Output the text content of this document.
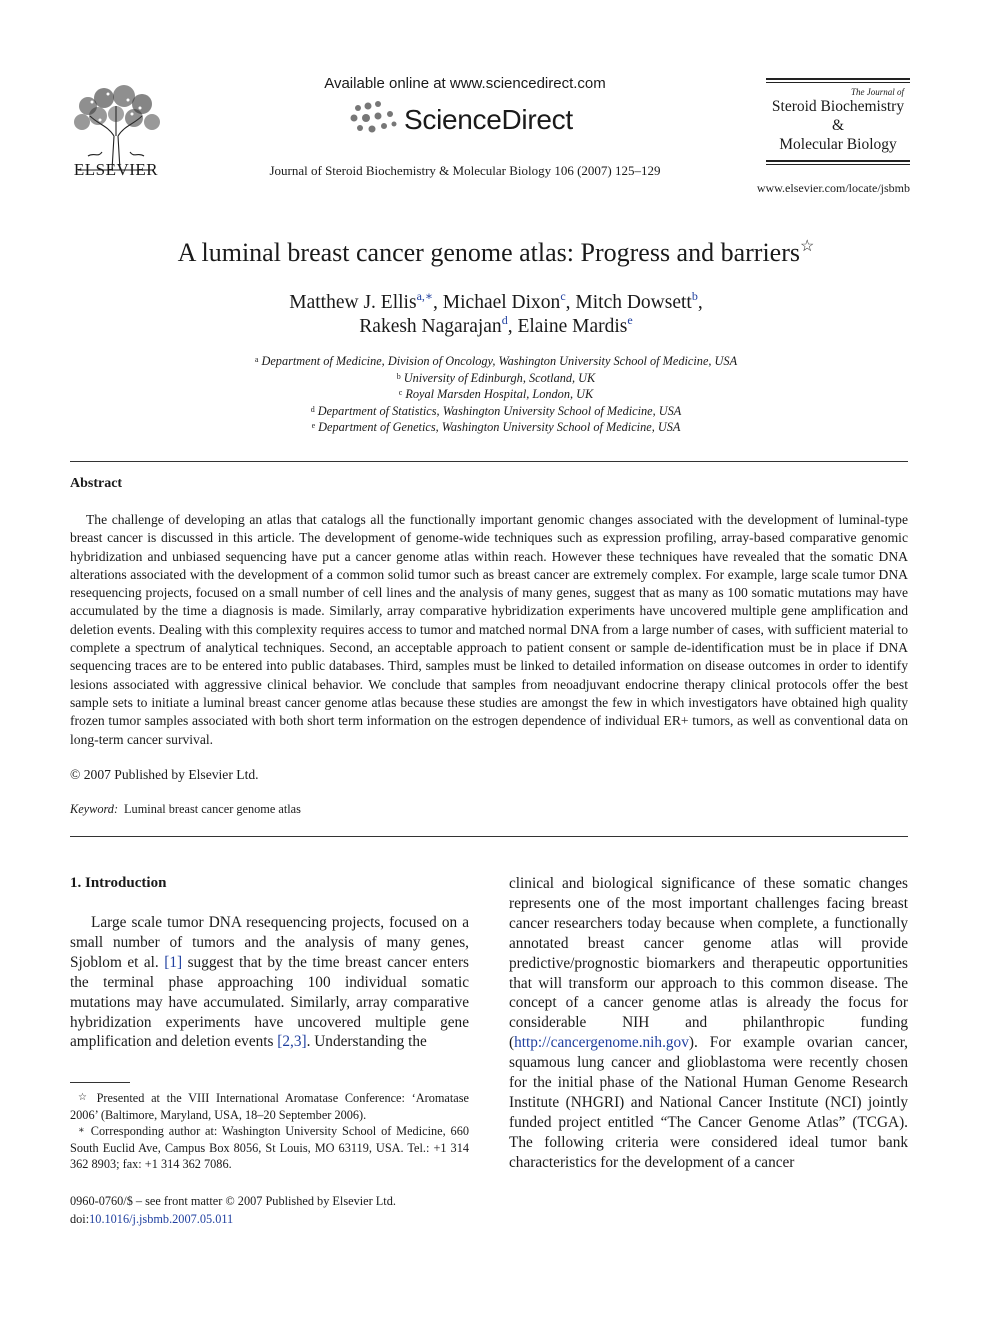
ELSEVIER
Available online at www.sciencedirect.com
ScienceDirect
Journal of Steroid Biochemistry & Molecular Biology 106 (2007) 125–129
The Journal of
Steroid Biochemistry
&
Molecular Biology
www.elsevier.com/locate/jsbmb
A luminal breast cancer genome atlas: Progress and barriers☆
Matthew J. Ellis$^{a,∗}$, Michael Dixon$^c$, Mitch Dowsett$^b$,
Rakesh Nagarajan$^d$, Elaine Mardis$^e$
$^a$ Department of Medicine, Division of Oncology, Washington University School of Medicine, USA
$^b$ University of Edinburgh, Scotland, UK
$^c$ Royal Marsden Hospital, London, UK
$^d$ Department of Statistics, Washington University School of Medicine, USA
$^e$ Department of Genetics, Washington University School of Medicine, USA
Abstract

The challenge of developing an atlas that catalogs all the functionally important genomic changes associated with the development of luminal-type breast cancer is discussed in this article. The development of genome-wide techniques such as expression profiling, array-based comparative genomic hybridization and unbiased sequencing have put a cancer genome atlas within reach. However these techniques have revealed that the somatic DNA alterations associated with the development of a common solid tumor such as breast cancer are extremely complex. For example, large scale tumor DNA resequencing projects, focused on a small number of cell lines and the analysis of many genes, suggest that as many as 100 somatic mutations may have accumulated by the time a diagnosis is made. Similarly, array comparative hybridization experiments have uncovered multiple gene amplification and deletion events. Dealing with this complexity requires access to tumor and matched normal DNA from a large number of cases, with sufficient material to complete a spectrum of analytical techniques. Second, an acceptable approach to patient consent or sample de-identification must be in place if DNA sequencing traces are to be entered into public databases. Third, samples must be linked to detailed information on disease outcomes in order to identify lesions associated with aggressive clinical behavior. We conclude that samples from neoadjuvant endocrine therapy clinical protocols offer the best sample sets to initiate a luminal breast cancer genome atlas because these studies are amongst the few in which investigators have obtained high quality frozen tumor samples associated with both short term information on the estrogen dependence of individual ER+ tumors, as well as conventional data on long-term cancer survival.

© 2007 Published by Elsevier Ltd.
Keyword: Luminal breast cancer genome atlas
1. Introduction

Large scale tumor DNA resequencing projects, focused on a small number of tumors and the analysis of many genes, Sjoblom et al. [1] suggest that by the time breast cancer enters the terminal phase approaching 100 individual somatic mutations may have accumulated. Similarly, array comparative hybridization experiments have uncovered multiple gene amplification and deletion events [2,3]. Understanding the

clinical and biological significance of these somatic changes represents one of the most important challenges facing breast cancer researchers today because when complete, a functionally annotated breast cancer genome atlas will provide predictive/prognostic biomarkers and therapeutic opportunities that will transform our approach to this common disease. The concept of a cancer genome atlas is already the focus for considerable NIH and philanthropic funding (http://cancergenome.nih.gov). For example ovarian cancer, squamous lung cancer and glioblastoma were recently chosen for the initial phase of the National Human Genome Research Institute (NHGRI) and National Cancer Institute (NCI) jointly funded project entitled “The Cancer Genome Atlas” (TCGA). The following criteria were considered ideal tumor bank characteristics for the development of a cancer

☆ Presented at the VIII International Aromatase Conference: ‘Aromatase 2006’ (Baltimore, Maryland, USA, 18–20 September 2006).

∗ Corresponding author at: Washington University School of Medicine, 660 South Euclid Ave, Campus Box 8056, St Louis, MO 63119, USA. Tel.: +1 314 362 8903; fax: +1 314 362 7086.

0960-0760/$ – see front matter © 2007 Published by Elsevier Ltd.
doi:10.1016/j.jsbmb.2007.05.011
